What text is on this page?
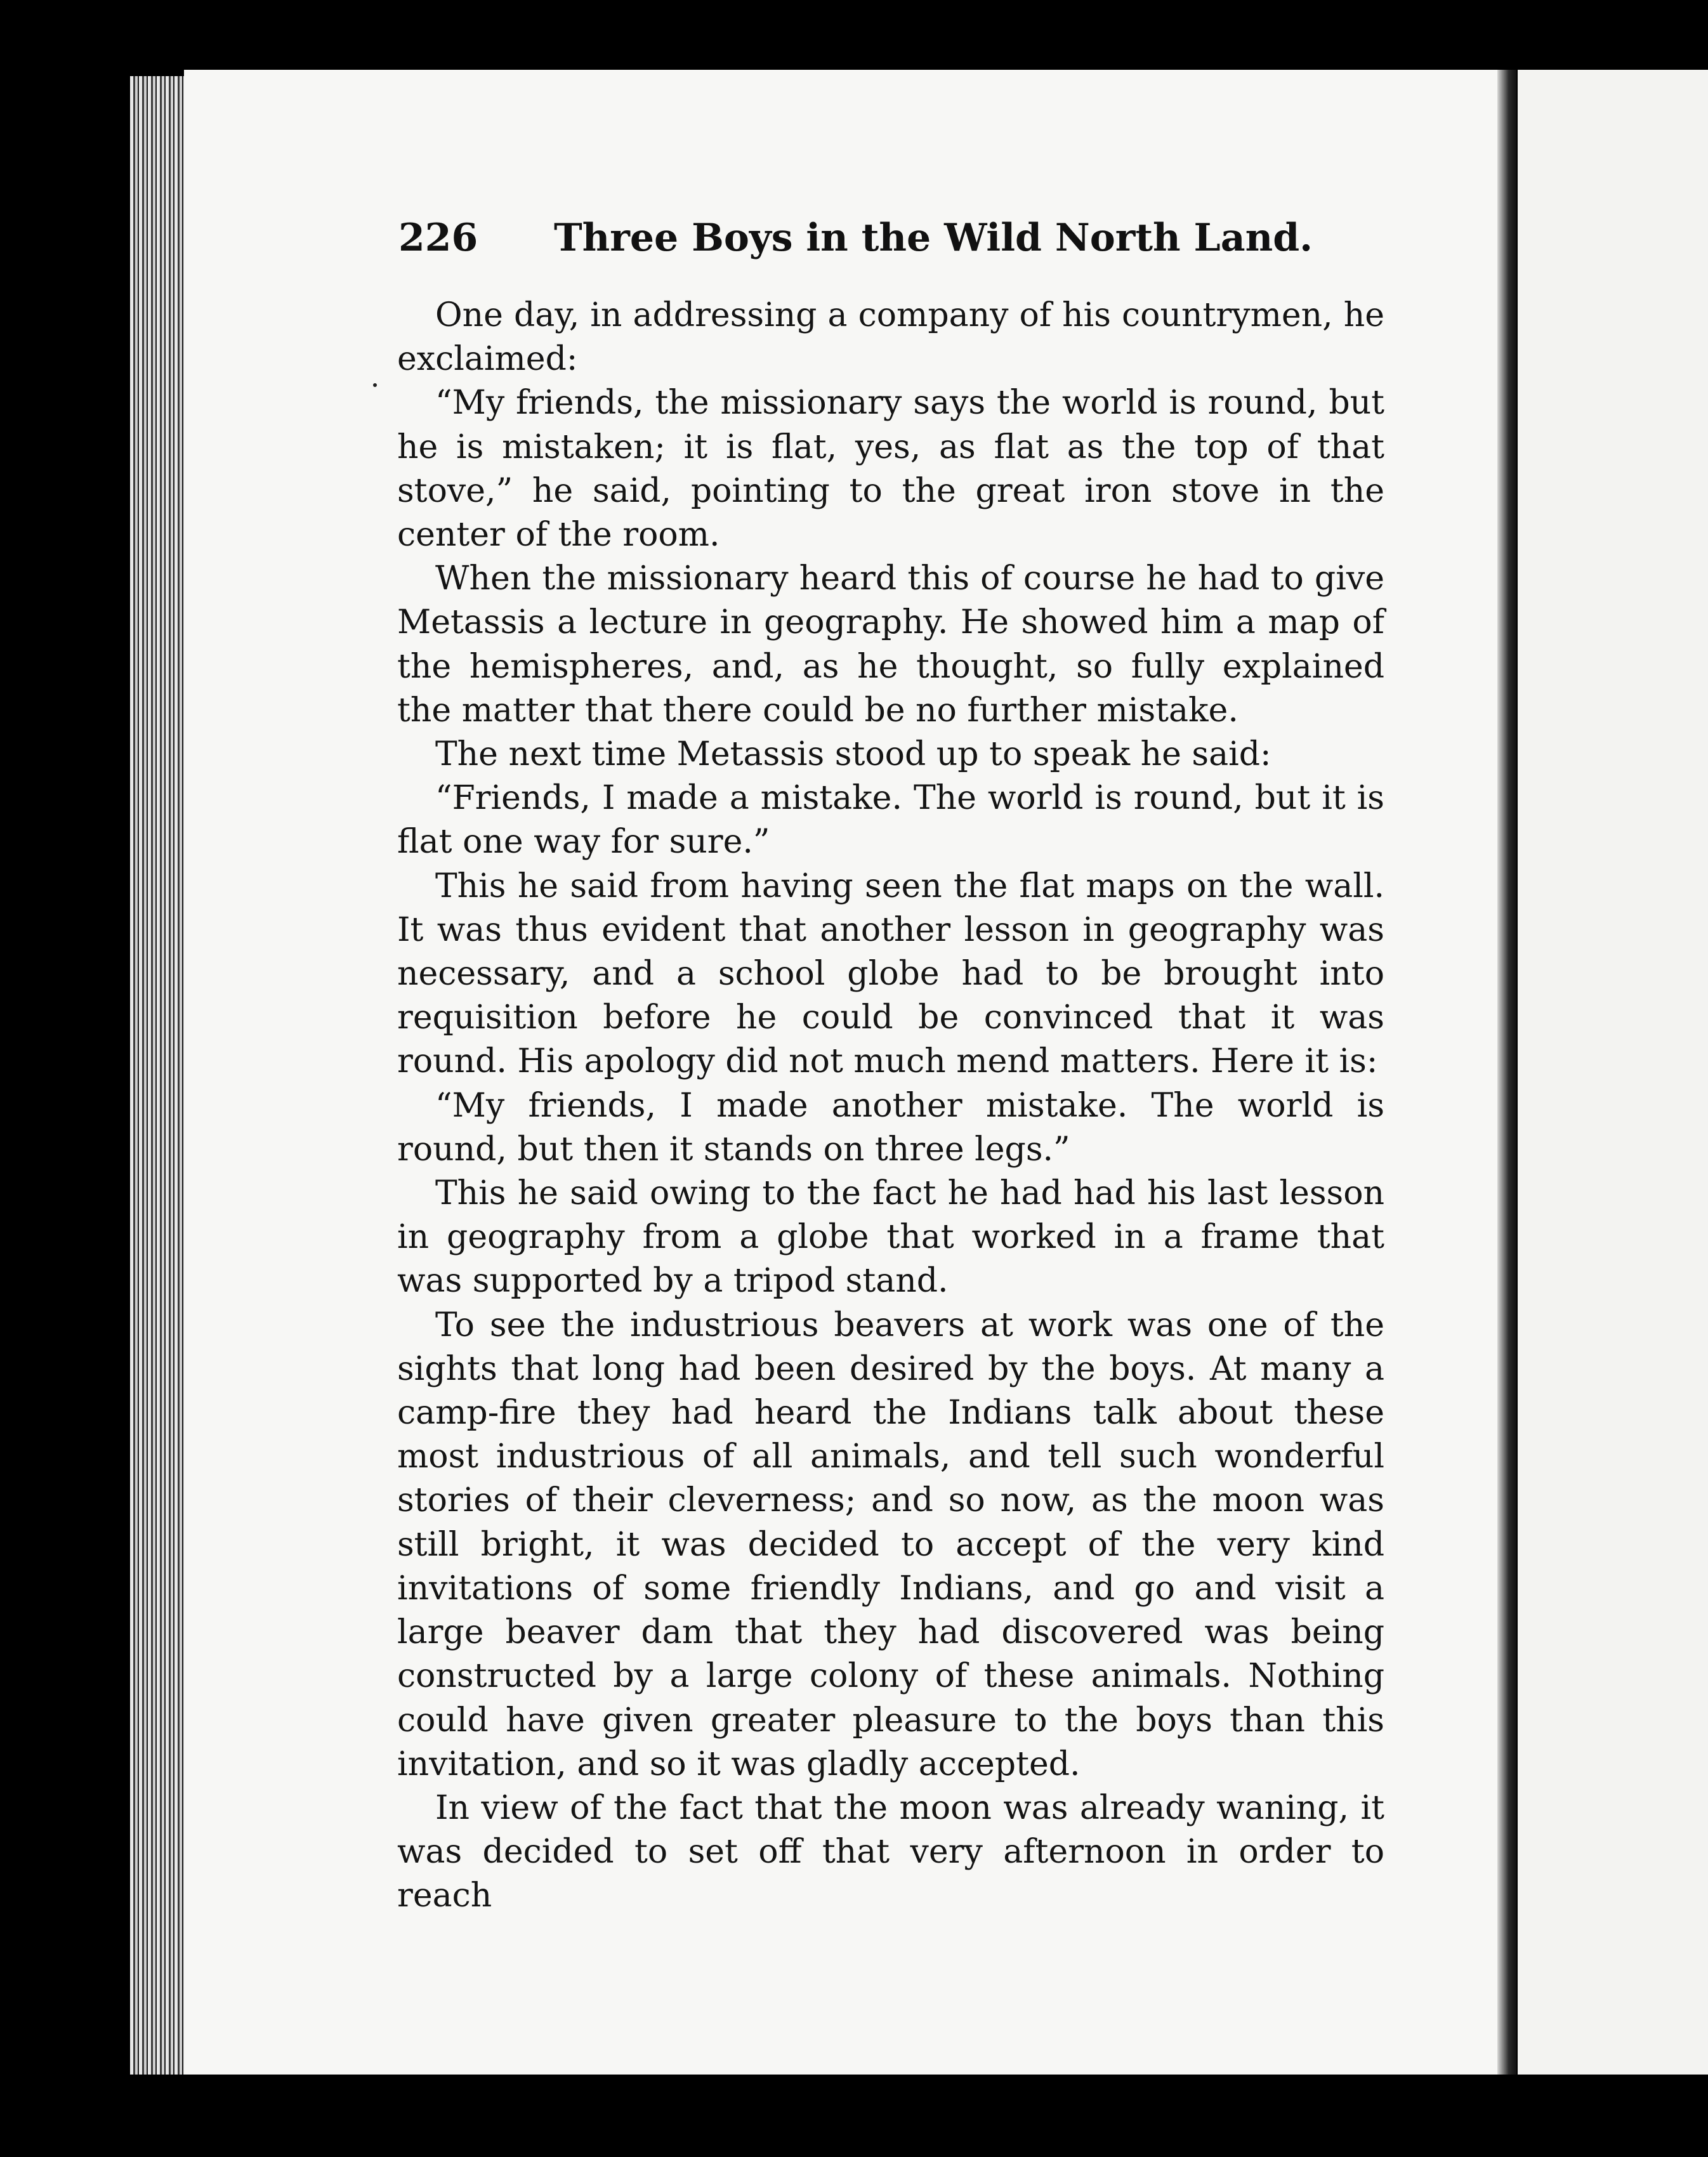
226 Three Boys in the Wild North Land.

One day, in addressing a company of his countrymen, he exclaimed:

“My friends, the missionary says the world is round, but he is mistaken; it is flat, yes, as flat as the top of that stove,” he said, pointing to the great iron stove in the center of the room.

When the missionary heard this of course he had to give Metassis a lecture in geography. He showed him a map of the hemispheres, and, as he thought, so fully explained the matter that there could be no further mistake.

The next time Metassis stood up to speak he said:

“Friends, I made a mistake. The world is round, but it is flat one way for sure.”

This he said from having seen the flat maps on the wall. It was thus evident that another lesson in geography was necessary, and a school globe had to be brought into requisition before he could be convinced that it was round. His apology did not much mend matters. Here it is:

“My friends, I made another mistake. The world is round, but then it stands on three legs.”

This he said owing to the fact he had had his last lesson in geography from a globe that worked in a frame that was supported by a tripod stand.

To see the industrious beavers at work was one of the sights that long had been desired by the boys. At many a camp-fire they had heard the Indians talk about these most industrious of all animals, and tell such wonderful stories of their cleverness; and so now, as the moon was still bright, it was decided to accept of the very kind invitations of some friendly Indians, and go and visit a large beaver dam that they had discovered was being constructed by a large colony of these animals. Nothing could have given greater pleasure to the boys than this invitation, and so it was gladly accepted.

In view of the fact that the moon was already waning, it was decided to set off that very afternoon in order to reach
